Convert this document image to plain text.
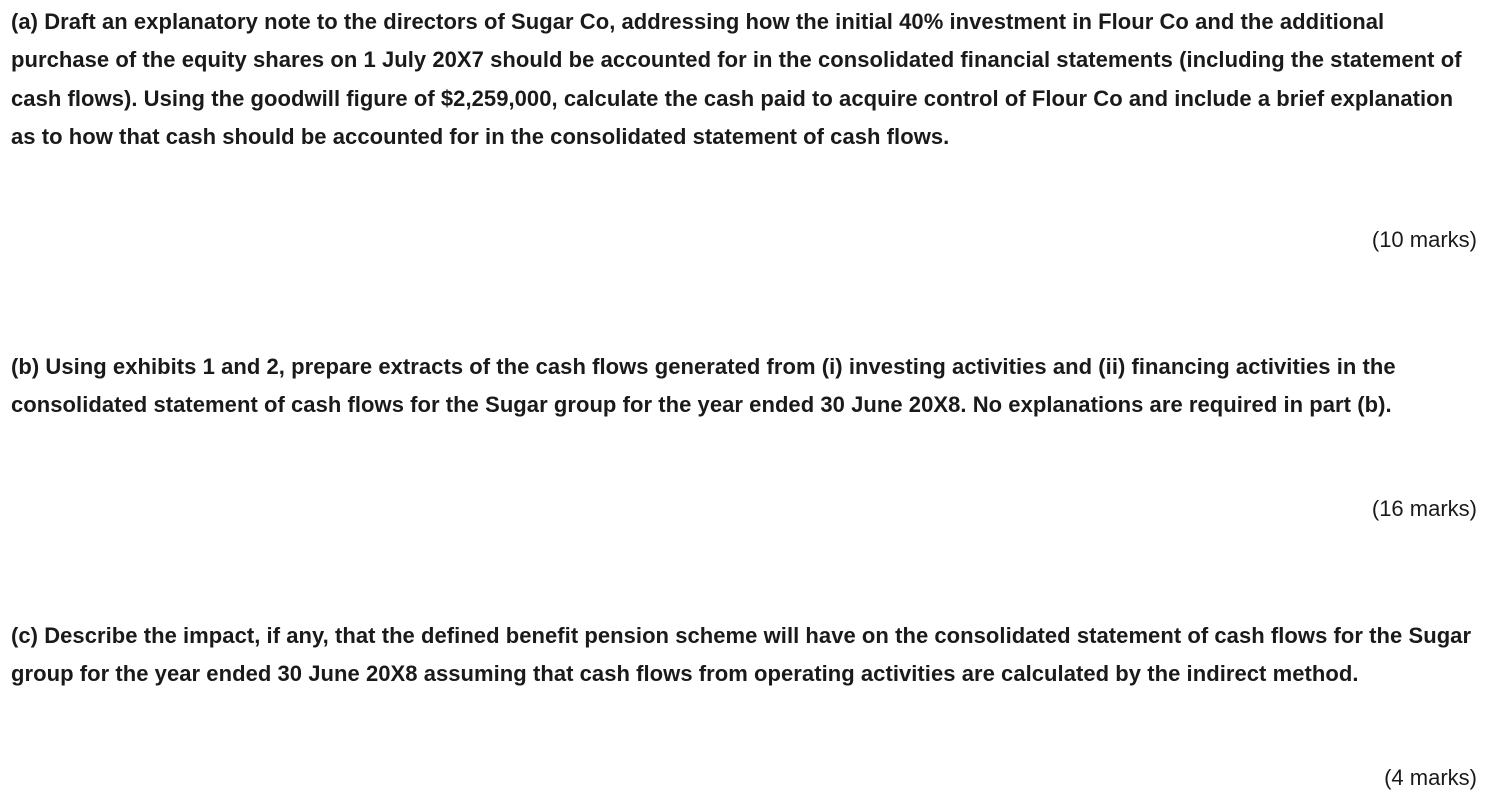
(a) Draft an explanatory note to the directors of Sugar Co, addressing how the initial 40% investment in Flour Co and the additional purchase of the equity shares on 1 July 20X7 should be accounted for in the consolidated financial statements (including the statement of cash flows). Using the goodwill figure of $2,259,000, calculate the cash paid to acquire control of Flour Co and include a brief explanation as to how that cash should be accounted for in the consolidated statement of cash flows.

(10 marks)

(b) Using exhibits 1 and 2, prepare extracts of the cash flows generated from (i) investing activities and (ii) financing activities in the consolidated statement of cash flows for the Sugar group for the year ended 30 June 20X8. No explanations are required in part (b).

(16 marks)

(c) Describe the impact, if any, that the defined benefit pension scheme will have on the consolidated statement of cash flows for the Sugar group for the year ended 30 June 20X8 assuming that cash flows from operating activities are calculated by the indirect method.

(4 marks)
